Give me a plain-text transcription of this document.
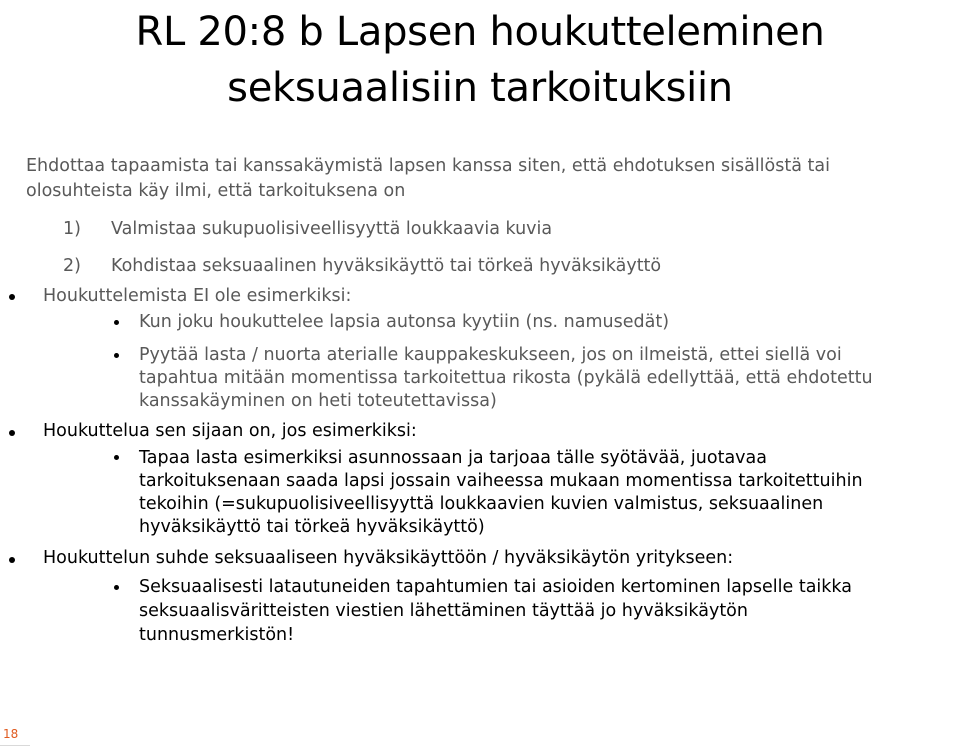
RL 20:8 b Lapsen houkutteleminen
seksuaalisiin tarkoituksiin
Ehdottaa tapaamista tai kanssakäymistä lapsen kanssa siten, että ehdotuksen sisällöstä tai
olosuhteista käy ilmi, että tarkoituksena on
1) Valmistaa sukupuolisiveellisyyttä loukkaavia kuvia
2) Kohdistaa seksuaalinen hyväksikäyttö tai törkeä hyväksikäyttö
Houkuttelemista EI ole esimerkiksi:
Kun joku houkuttelee lapsia autonsa kyytiin (ns. namusedät)
Pyytää lasta / nuorta aterialle kauppakeskukseen, jos on ilmeistä, ettei siellä voi
tapahtua mitään momentissa tarkoitettua rikosta (pykälä edellyttää, että ehdotettu
kanssakäyminen on heti toteutettavissa)
Houkuttelua sen sijaan on, jos esimerkiksi:
Tapaa lasta esimerkiksi asunnossaan ja tarjoaa tälle syötävää, juotavaa
tarkoituksenaan saada lapsi jossain vaiheessa mukaan momentissa tarkoitettuihin
tekoihin (=sukupuolisiveellisyyttä loukkaavien kuvien valmistus, seksuaalinen
hyväksikäyttö tai törkeä hyväksikäyttö)
Houkuttelun suhde seksuaaliseen hyväksikäyttöön / hyväksikäytön yritykseen:
Seksuaalisesti latautuneiden tapahtumien tai asioiden kertominen lapselle taikka
seksuaalisväritteisten viestien lähettäminen täyttää jo hyväksikäytön
tunnusmerkistön!
18
